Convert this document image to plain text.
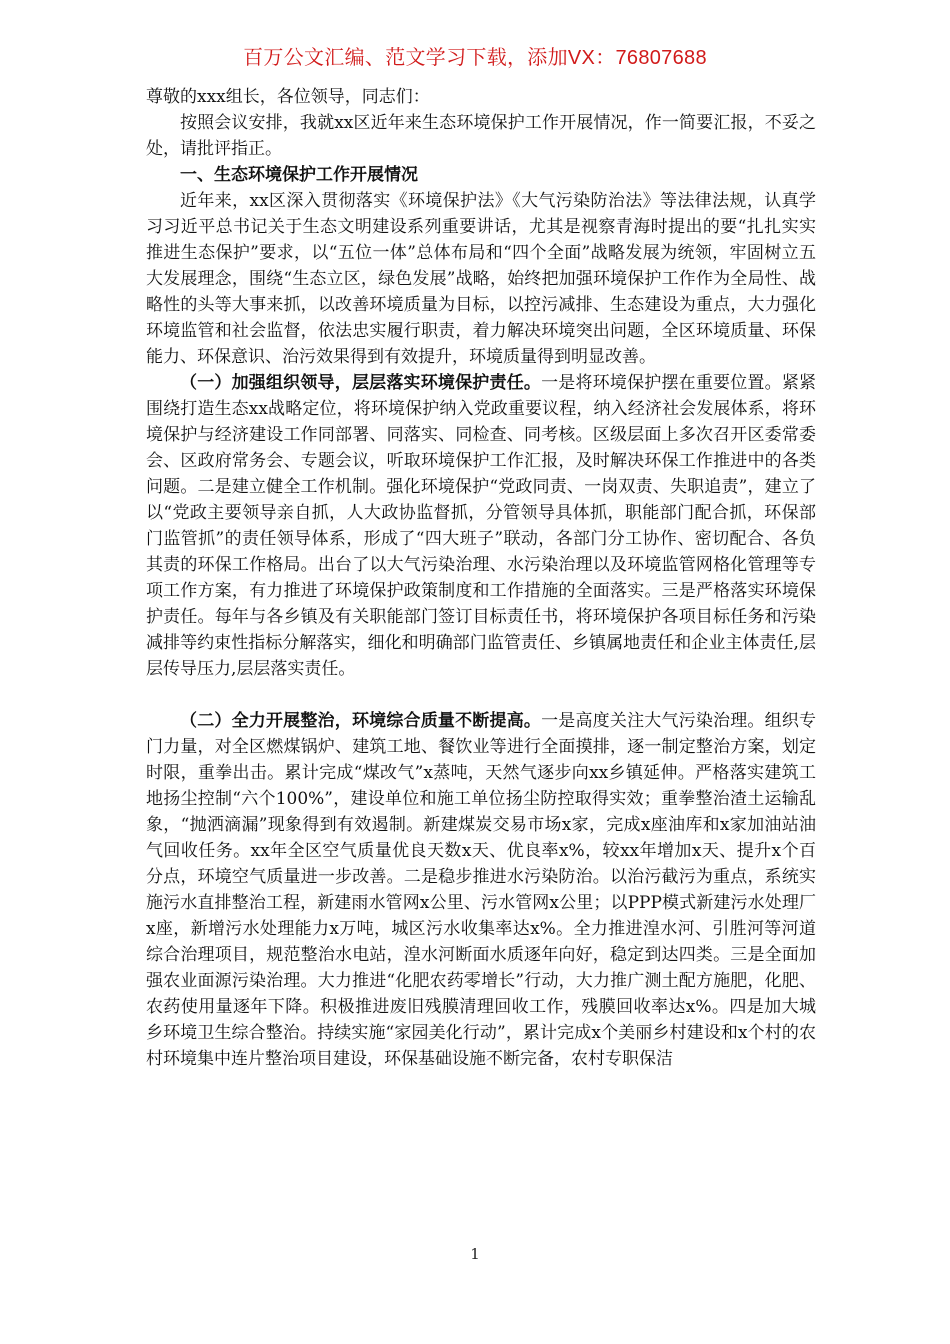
百万公文汇编、范文学习下载，添加VX：76807688

尊敬的xxx组长，各位领导，同志们：

按照会议安排，我就xx区近年来生态环境保护工作开展情况，作一简要汇报，不妥之处，请批评指正。

一、生态环境保护工作开展情况

近年来，xx区深入贯彻落实《环境保护法》《大气污染防治法》等法律法规，认真学习习近平总书记关于生态文明建设系列重要讲话，尤其是视察青海时提出的要“扎扎实实推进生态保护”要求，以“五位一体”总体布局和“四个全面”战略发展为统领，牢固树立五大发展理念，围绕“生态立区，绿色发展”战略，始终把加强环境保护工作作为全局性、战略性的头等大事来抓，以改善环境质量为目标，以控污减排、生态建设为重点，大力强化环境监管和社会监督，依法忠实履行职责，着力解决环境突出问题，全区环境质量、环保能力、环保意识、治污效果得到有效提升，环境质量得到明显改善。

（一）加强组织领导，层层落实环境保护责任。一是将环境保护摆在重要位置。紧紧围绕打造生态xx战略定位，将环境保护纳入党政重要议程，纳入经济社会发展体系，将环境保护与经济建设工作同部署、同落实、同检查、同考核。区级层面上多次召开区委常委会、区政府常务会、专题会议，听取环境保护工作汇报，及时解决环保工作推进中的各类问题。二是建立健全工作机制。强化环境保护“党政同责、一岗双责、失职追责”，建立了以“党政主要领导亲自抓，人大政协监督抓，分管领导具体抓，职能部门配合抓，环保部门监管抓”的责任领导体系，形成了“四大班子”联动，各部门分工协作、密切配合、各负其责的环保工作格局。出台了以大气污染治理、水污染治理以及环境监管网格化管理等专项工作方案，有力推进了环境保护政策制度和工作措施的全面落实。三是严格落实环境保护责任。每年与各乡镇及有关职能部门签订目标责任书，将环境保护各项目标任务和污染减排等约束性指标分解落实，细化和明确部门监管责任、乡镇属地责任和企业主体责任,层层传导压力,层层落实责任。

（二）全力开展整治，环境综合质量不断提高。一是高度关注大气污染治理。组织专门力量，对全区燃煤锅炉、建筑工地、餐饮业等进行全面摸排，逐一制定整治方案，划定时限，重拳出击。累计完成“煤改气”x蒸吨，天然气逐步向xx乡镇延伸。严格落实建筑工地扬尘控制“六个100%”，建设单位和施工单位扬尘防控取得实效；重拳整治渣土运输乱象，“抛洒滴漏”现象得到有效遏制。新建煤炭交易市场x家，完成x座油库和x家加油站油气回收任务。xx年全区空气质量优良天数x天、优良率x%，较xx年增加x天、提升x个百分点，环境空气质量进一步改善。二是稳步推进水污染防治。以治污截污为重点，系统实施污水直排整治工程，新建雨水管网x公里、污水管网x公里；以PPP模式新建污水处理厂x座，新增污水处理能力x万吨，城区污水收集率达x%。全力推进湟水河、引胜河等河道综合治理项目，规范整治水电站，湟水河断面水质逐年向好，稳定到达四类。三是全面加强农业面源污染治理。大力推进“化肥农药零增长”行动，大力推广测土配方施肥，化肥、农药使用量逐年下降。积极推进废旧残膜清理回收工作，残膜回收率达x%。四是加大城乡环境卫生综合整治。持续实施“家园美化行动”，累计完成x个美丽乡村建设和x个村的农村环境集中连片整治项目建设，环保基础设施不断完备，农村专职保洁

1
